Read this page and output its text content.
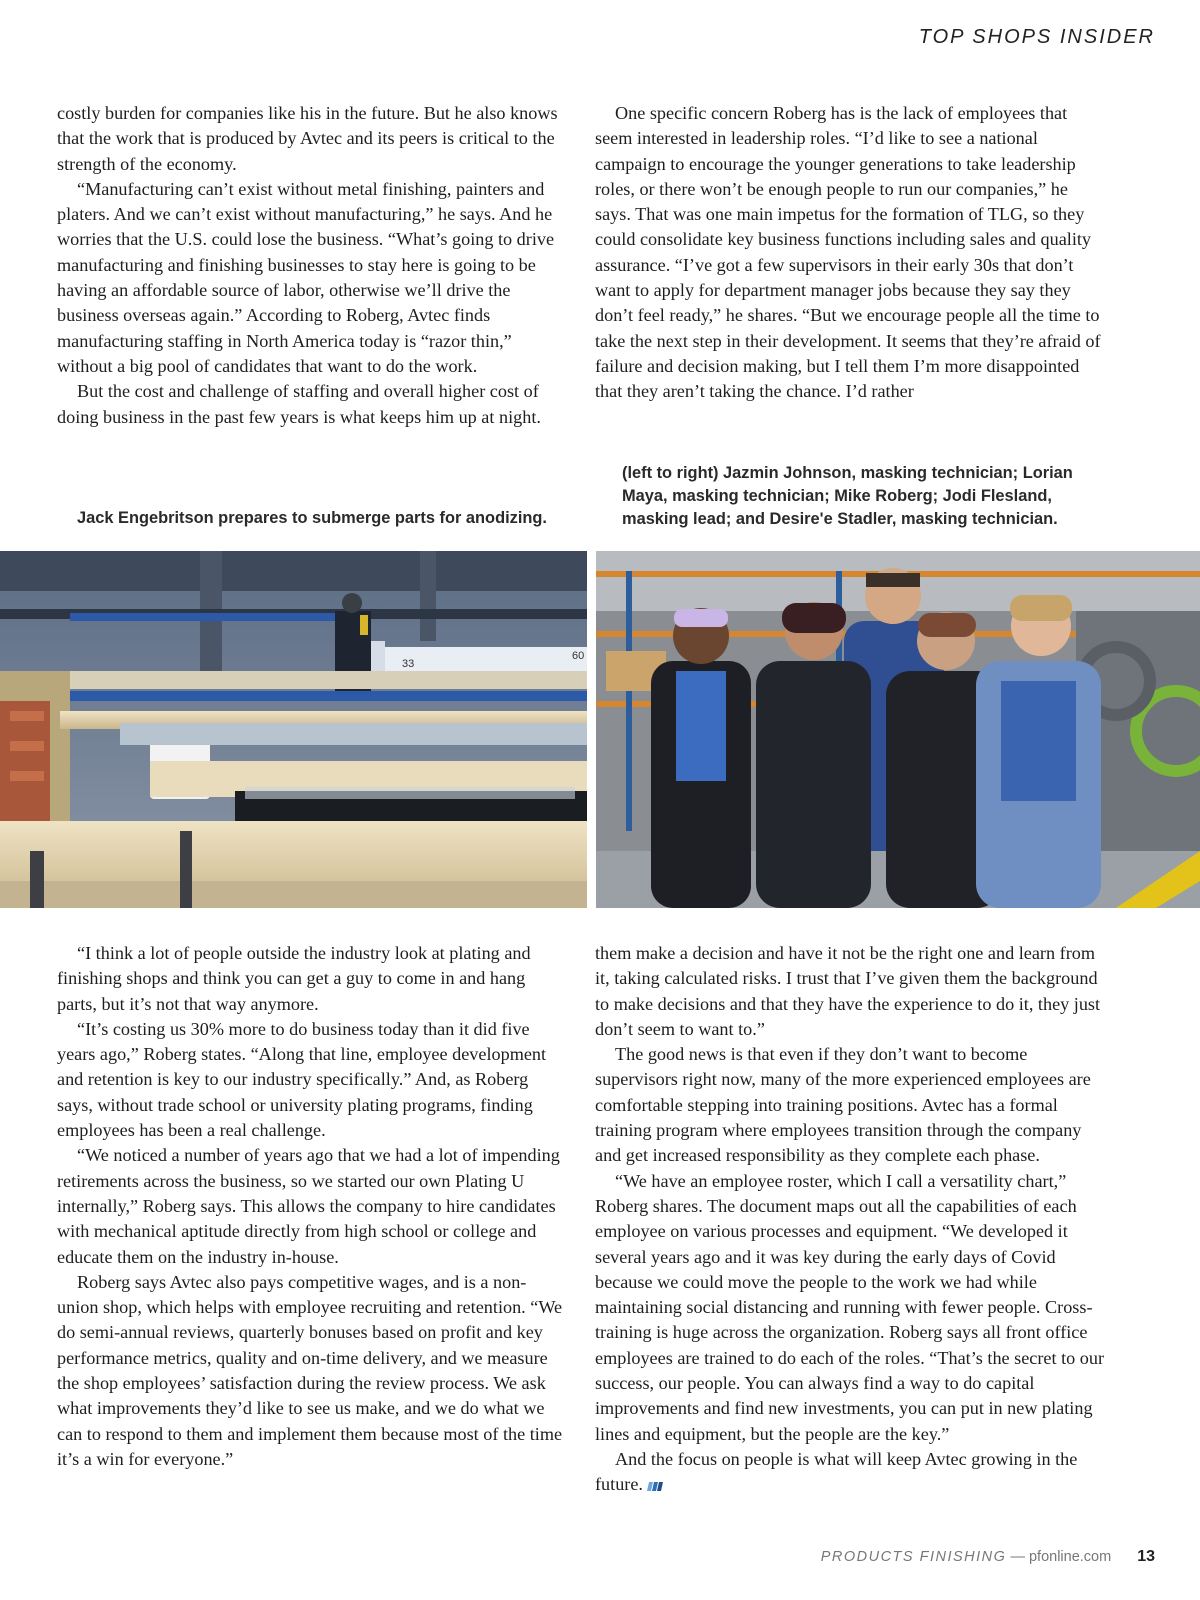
TOP SHOPS INSIDER

costly burden for companies like his in the future. But he also knows that the work that is produced by Avtec and its peers is critical to the strength of the economy.

“Manufacturing can’t exist without metal finishing, painters and platers. And we can’t exist without manufacturing,” he says. And he worries that the U.S. could lose the business. “What’s going to drive manufacturing and finishing businesses to stay here is going to be having an affordable source of labor, otherwise we’ll drive the business overseas again.” According to Roberg, Avtec finds manufacturing staffing in North America today is “razor thin,” without a big pool of candidates that want to do the work.

But the cost and challenge of staffing and overall higher cost of doing business in the past few years is what keeps him up at night.

One specific concern Roberg has is the lack of employees that seem interested in leadership roles. “I’d like to see a national campaign to encourage the younger generations to take leadership roles, or there won’t be enough people to run our companies,” he says. That was one main impetus for the formation of TLG, so they could consolidate key business functions including sales and quality assurance. “I’ve got a few supervisors in their early 30s that don’t want to apply for department manager jobs because they say they don’t feel ready,” he shares. “But we encourage people all the time to take the next step in their development. It seems that they’re afraid of failure and decision making, but I tell them I’m more disappointed that they aren’t taking the chance. I’d rather

Jack Engebritson prepares to submerge parts for anodizing.
(left to right) Jazmin Johnson, masking technician; Lorian Maya, masking technician; Mike Roberg; Jodi Flesland, masking lead; and Desire'e Stadler, masking technician.
33
60

“I think a lot of people outside the industry look at plating and finishing shops and think you can get a guy to come in and hang parts, but it’s not that way anymore.

“It’s costing us 30% more to do business today than it did five years ago,” Roberg states. “Along that line, employee development and retention is key to our industry specifically.” And, as Roberg says, without trade school or university plating programs, finding employees has been a real challenge.

“We noticed a number of years ago that we had a lot of impending retirements across the business, so we started our own Plating U internally,” Roberg says. This allows the company to hire candidates with mechanical aptitude directly from high school or college and educate them on the industry in-house.

Roberg says Avtec also pays competitive wages, and is a non-union shop, which helps with employee recruiting and retention. “We do semi-annual reviews, quarterly bonuses based on profit and key performance metrics, quality and on-time delivery, and we measure the shop employees’ satisfaction during the review process. We ask what improvements they’d like to see us make, and we do what we can to respond to them and implement them because most of the time it’s a win for everyone.”

them make a decision and have it not be the right one and learn from it, taking calculated risks. I trust that I’ve given them the background to make decisions and that they have the experience to do it, they just don’t seem to want to.”

The good news is that even if they don’t want to become supervisors right now, many of the more experienced employees are comfortable stepping into training positions. Avtec has a formal training program where employees transition through the company and get increased responsibility as they complete each phase.

“We have an employee roster, which I call a versatility chart,” Roberg shares. The document maps out all the capabilities of each employee on various processes and equipment. “We developed it several years ago and it was key during the early days of Covid because we could move the people to the work we had while maintaining social distancing and running with fewer people. Cross-training is huge across the organization. Roberg says all front office employees are trained to do each of the roles. “That’s the secret to our success, our people. You can always find a way to do capital improvements and find new investments, you can put in new plating lines and equipment, but the people are the key.”

And the focus on people is what will keep Avtec growing in the future.

PRODUCTS FINISHING — pfonline.com 13
